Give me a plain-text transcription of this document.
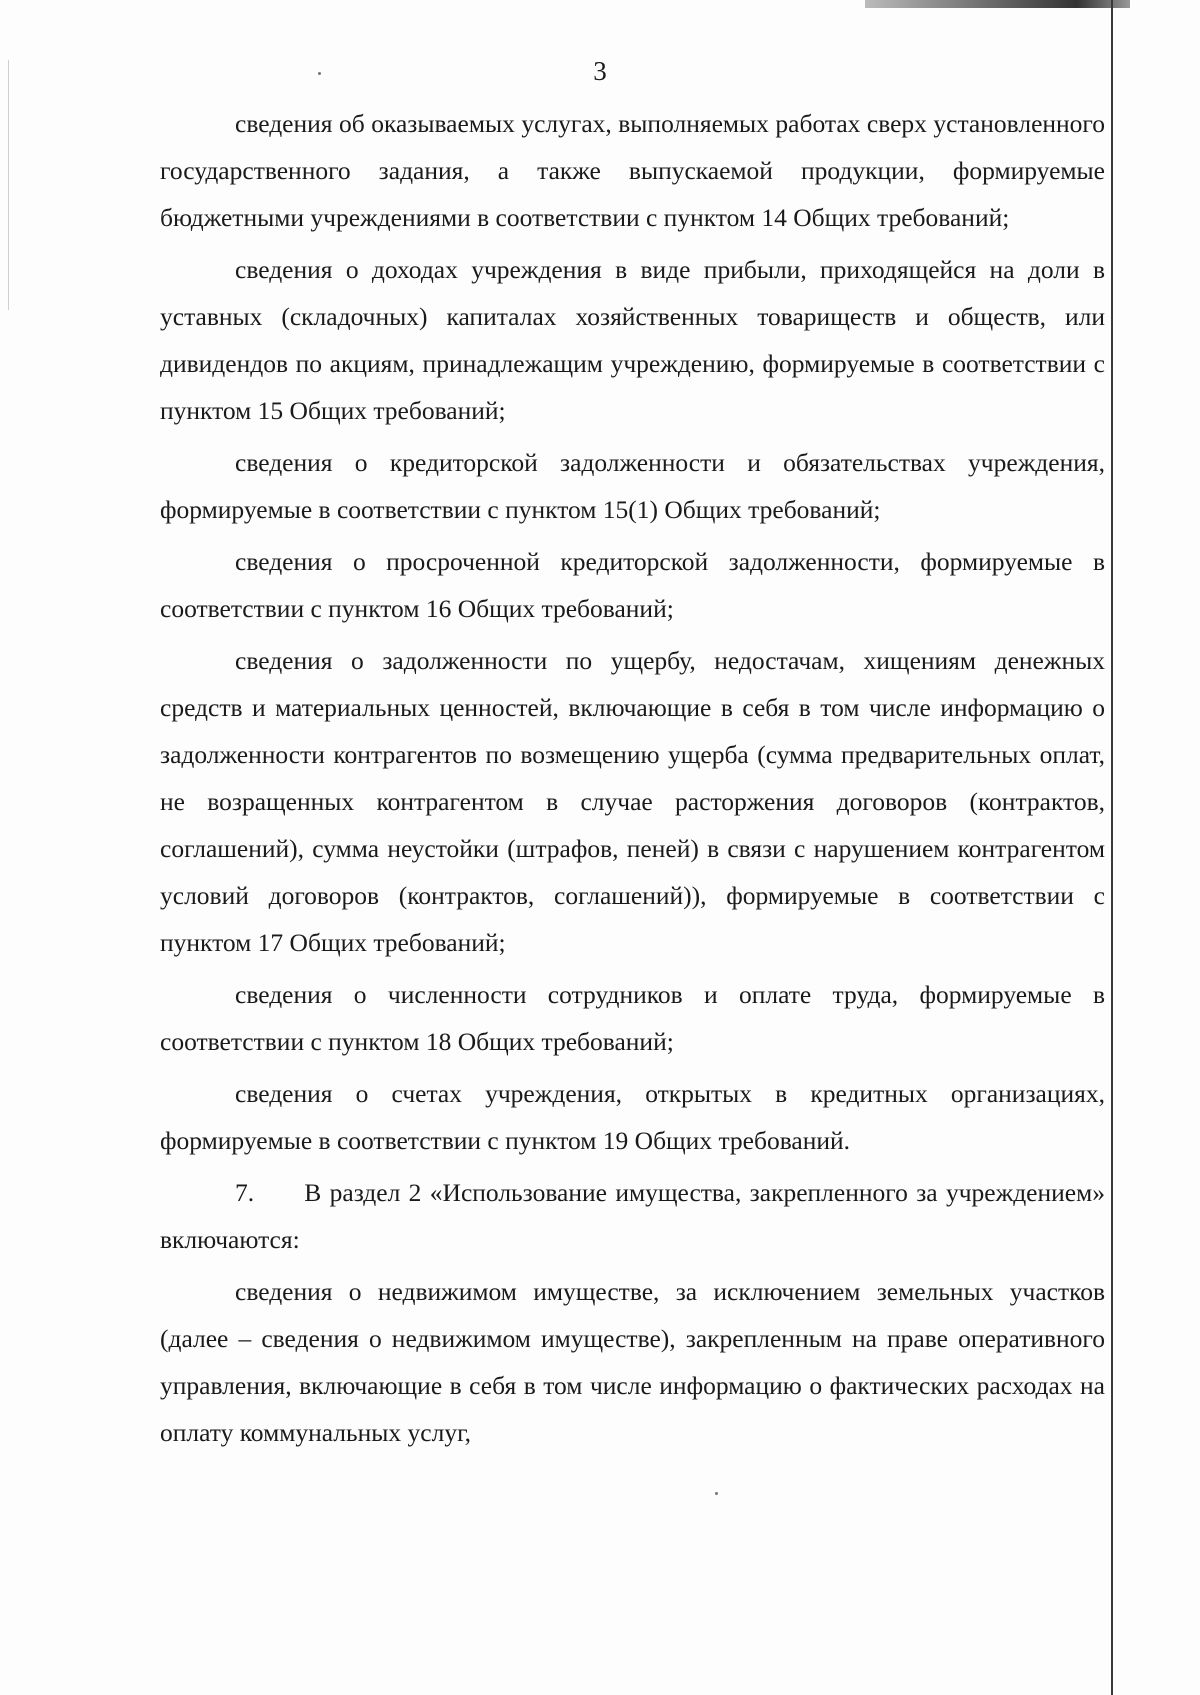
3

сведения об оказываемых услугах, выполняемых работах сверх установленного государственного задания, а также выпускаемой продукции, формируемые бюджетными учреждениями в соответствии с пунктом 14 Общих требований;

сведения о доходах учреждения в виде прибыли, приходящейся на доли в уставных (складочных) капиталах хозяйственных товариществ и обществ, или дивидендов по акциям, принадлежащим учреждению, формируемые в соответствии с пунктом 15 Общих требований;

сведения о кредиторской задолженности и обязательствах учреждения, формируемые в соответствии с пунктом 15(1) Общих требований;

сведения о просроченной кредиторской задолженности, формируемые в соответствии с пунктом 16 Общих требований;

сведения о задолженности по ущербу, недостачам, хищениям денежных средств и материальных ценностей, включающие в себя в том числе информацию о задолженности контрагентов по возмещению ущерба (сумма предварительных оплат, не возращенных контрагентом в случае расторжения договоров (контрактов, соглашений), сумма неустойки (штрафов, пеней) в связи с нарушением контрагентом условий договоров (контрактов, соглашений)), формируемые в соответствии с пунктом 17 Общих требований;

сведения о численности сотрудников и оплате труда, формируемые в соответствии с пунктом 18 Общих требований;

сведения о счетах учреждения, открытых в кредитных организациях, формируемые в соответствии с пунктом 19 Общих требований.

7.      В раздел 2 «Использование имущества, закрепленного за учреждением» включаются:

сведения о недвижимом имуществе, за исключением земельных участков (далее – сведения о недвижимом имуществе), закрепленным на праве оперативного управления, включающие в себя в том числе информацию о фактических расходах на оплату коммунальных услуг,
